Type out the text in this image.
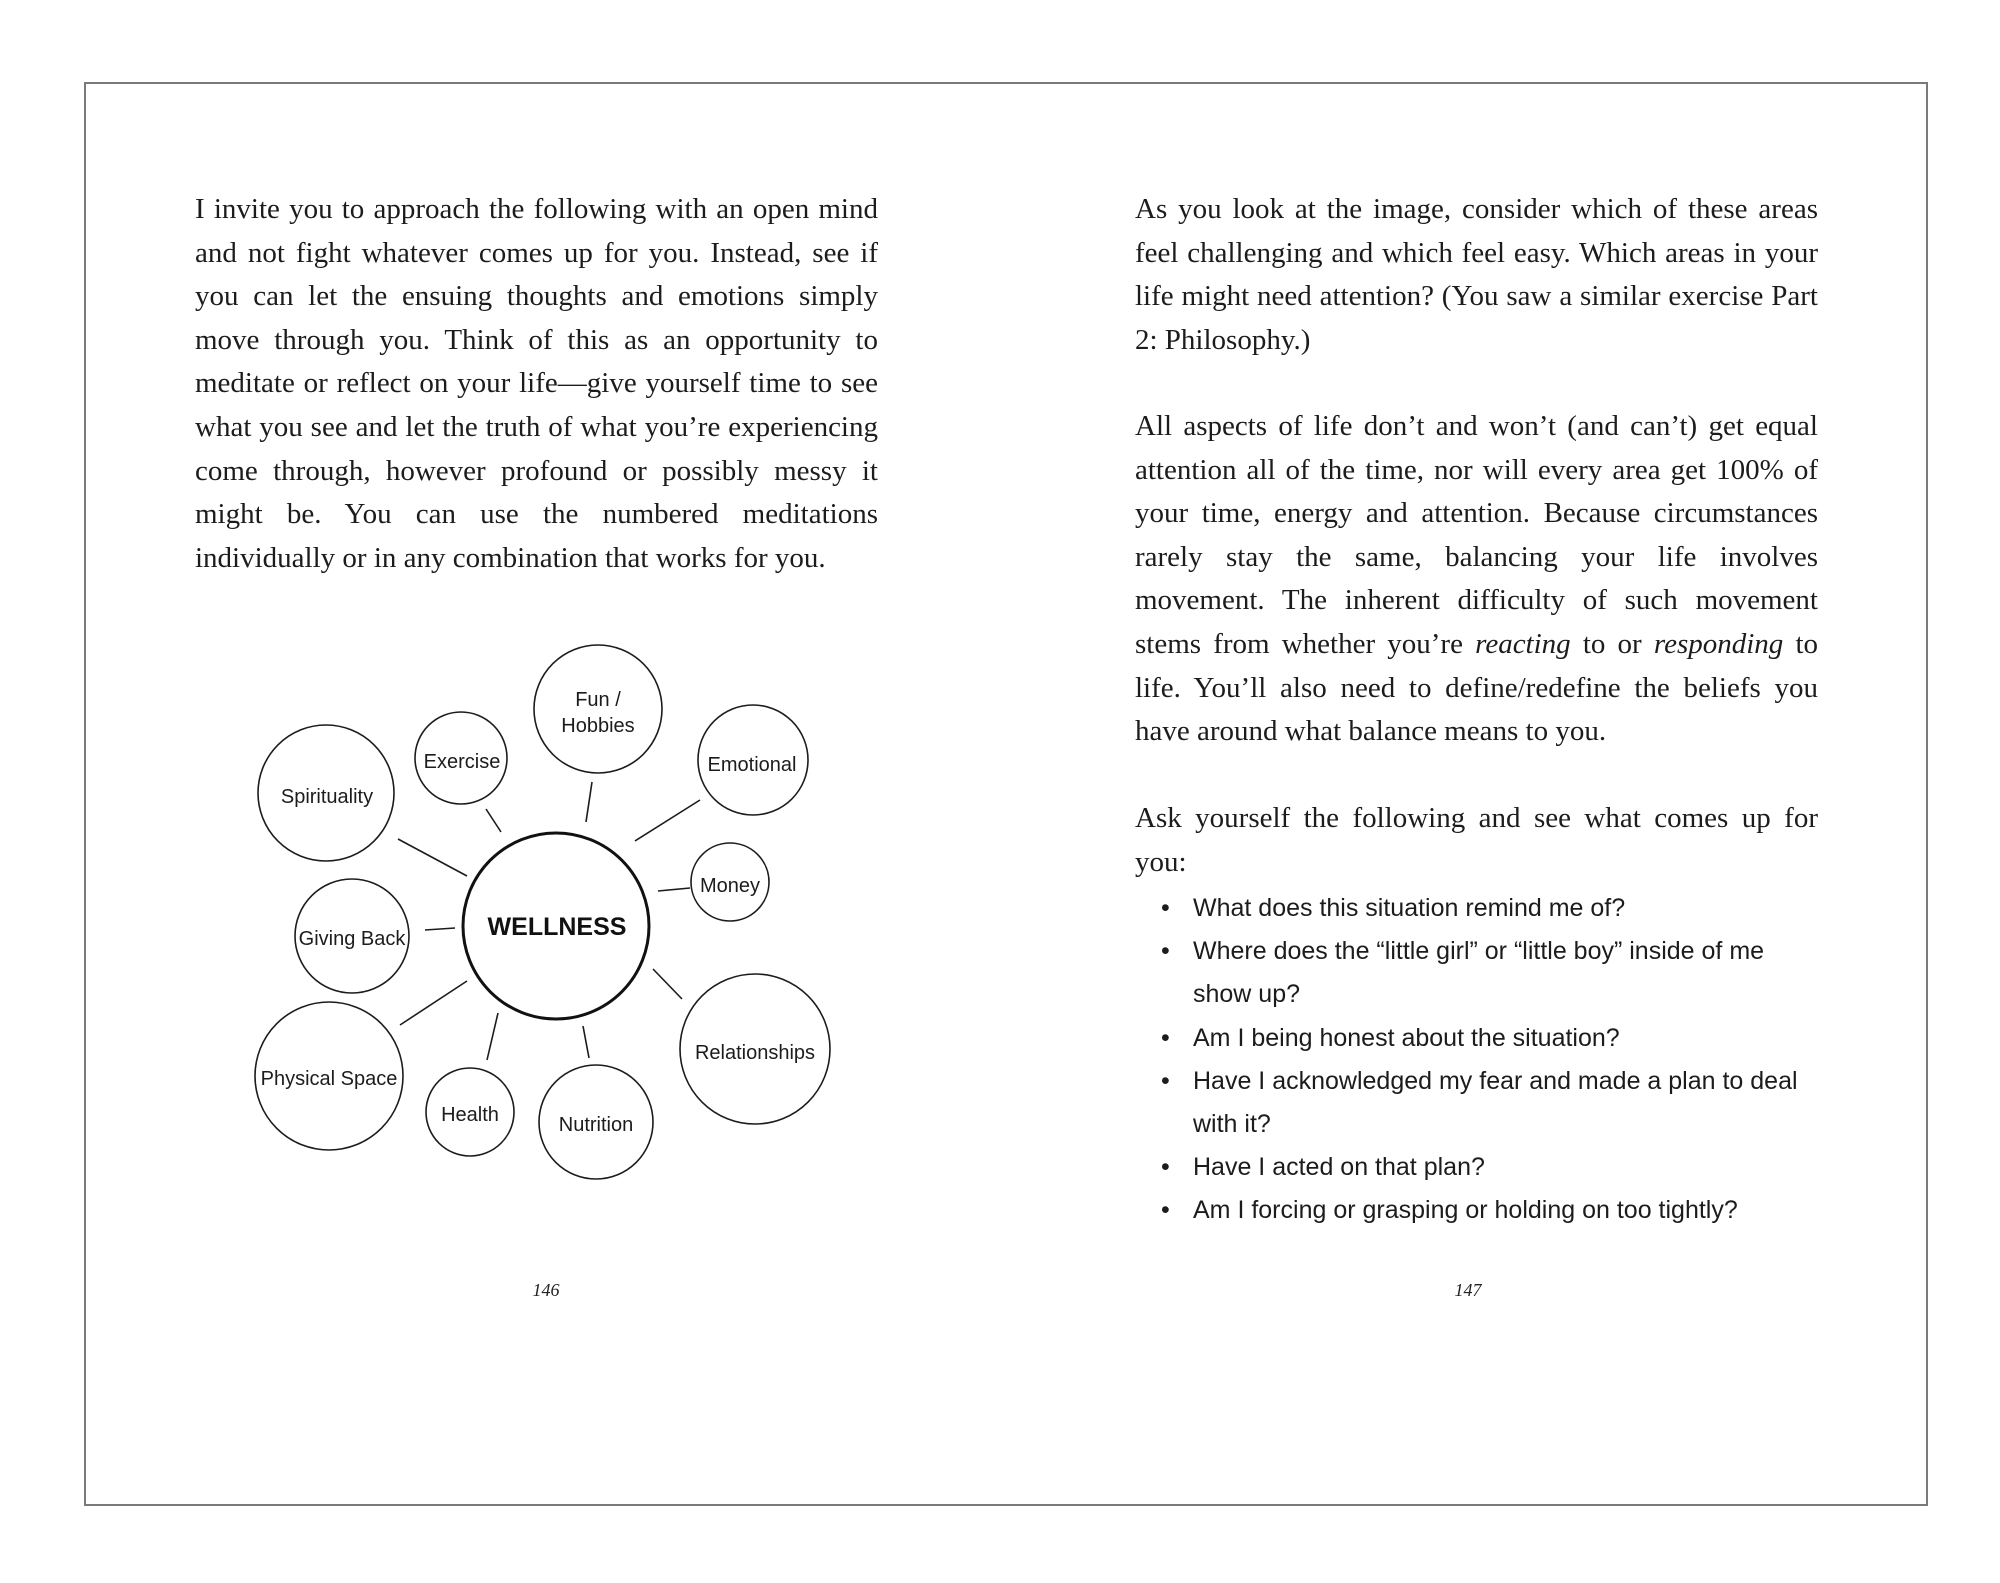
I invite you to approach the following with an open mind and not fight whatever comes up for you. Instead, see if you can let the ensuing thoughts and emotions simply move through you. Think of this as an opportunity to meditate or reflect on your life—give yourself time to see what you see and let the truth of what you’re experiencing come through, however profound or possibly messy it might be. You can use the numbered meditations individually or in any combination that works for you.

WELLNESS
Fun /
Hobbies
Exercise	Emotional
Spirituality
Money
Giving Back
Relationships
Physical Space
Health	Nutrition
146

As you look at the image, consider which of these areas feel challenging and which feel easy. Which areas in your life might need attention? (You saw a similar exercise Part 2: Philosophy.)

All aspects of life don’t and won’t (and can’t) get equal attention all of the time, nor will every area get 100% of your time, energy and attention. Because circumstances rarely stay the same, balancing your life involves movement. The inherent difficulty of such movement stems from whether you’re reacting to or responding to life. You’ll also need to define/redefine the beliefs you have around what balance means to you.

Ask yourself the following and see what comes up for you:

• What does this situation remind me of?
• Where does the “little girl” or “little boy” inside of me show up?
• Am I being honest about the situation?
• Have I acknowledged my fear and made a plan to deal with it?
• Have I acted on that plan?
• Am I forcing or grasping or holding on too tightly?
147
